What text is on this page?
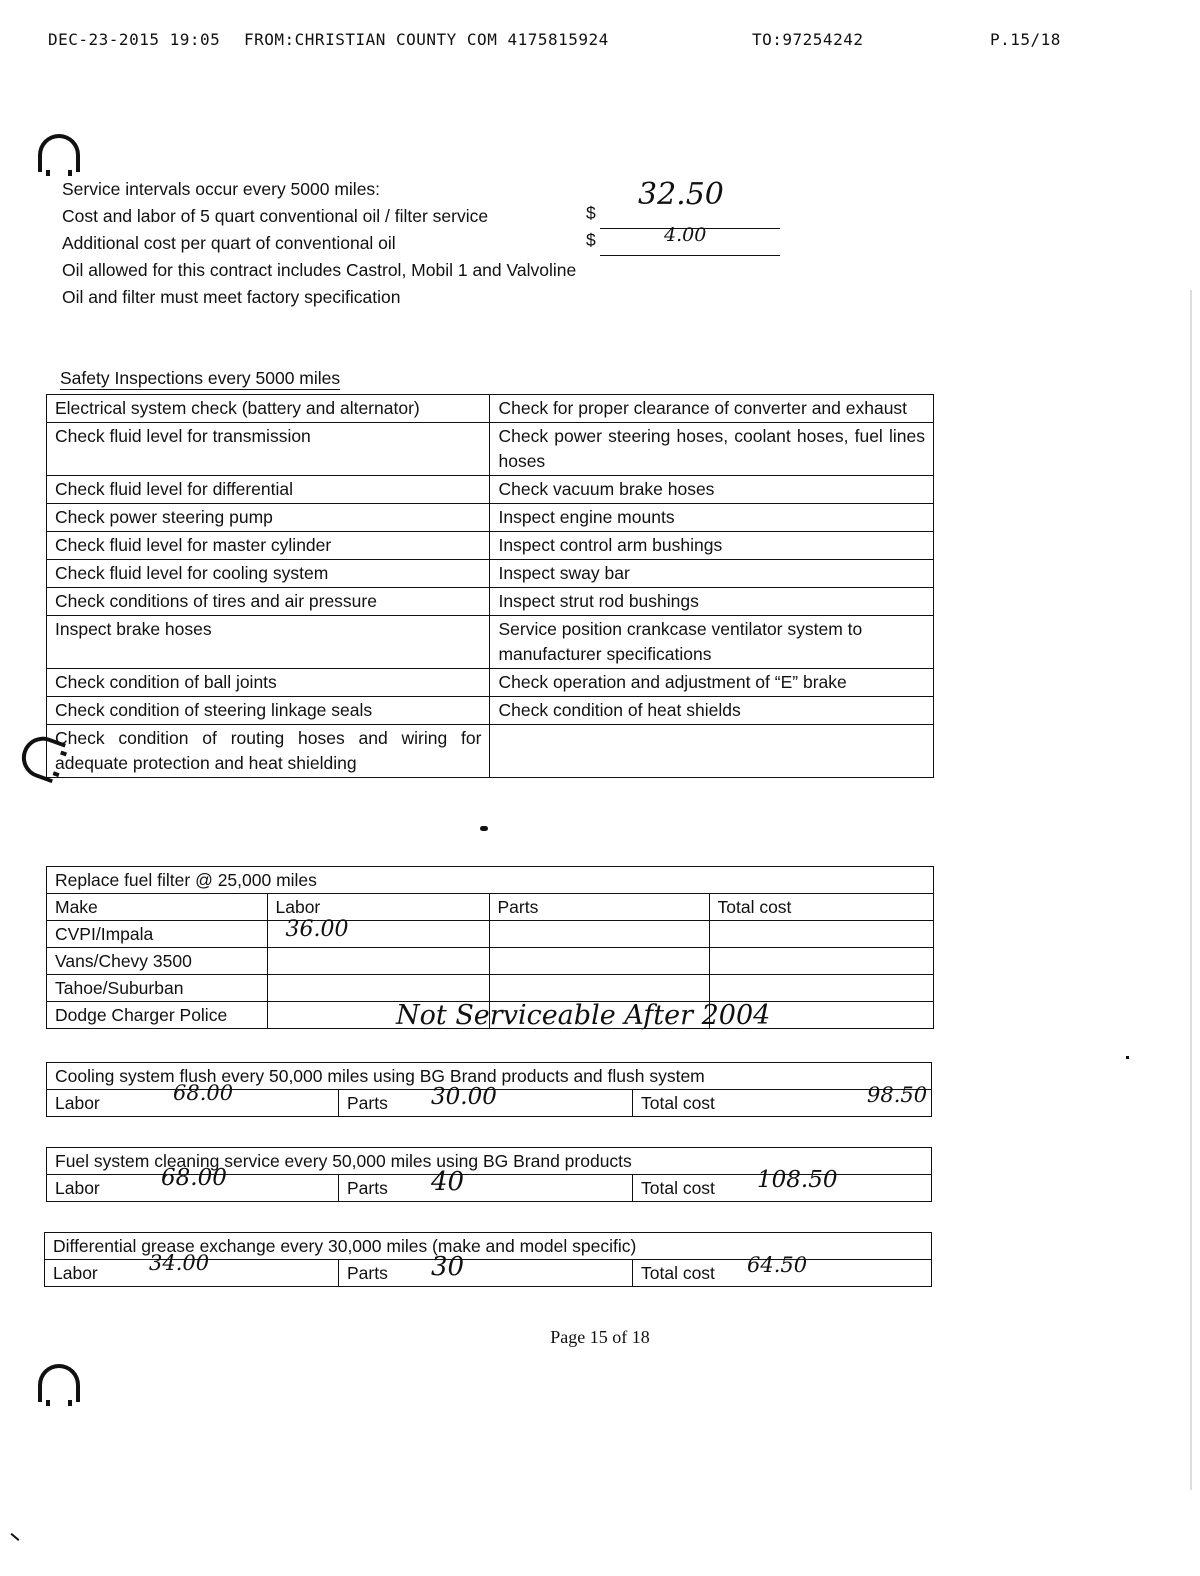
DEC-23-2015 19:05 FROM:CHRISTIAN COUNTY COM 4175815924	TO:97254242	P.15/18
Service intervals occur every 5000 miles:
Cost and labor of 5 quart conventional oil / filter service
Additional cost per quart of conventional oil
Oil allowed for this contract includes Castrol, Mobil 1 and Valvoline
Oil and filter must meet factory specification
$
32.50
$	4.00
Safety Inspections every 5000 miles
Electrical system check (battery and alternator)	Check for proper clearance of converter and exhaust
Check fluid level for transmission	Check power steering hoses, coolant hoses, fuel lines hoses
Check fluid level for differential	Check vacuum brake hoses
Check power steering pump	Inspect engine mounts
Check fluid level for master cylinder	Inspect control arm bushings
Check fluid level for cooling system	Inspect sway bar
Check conditions of tires and air pressure	Inspect strut rod bushings
Inspect brake hoses	Service position crankcase ventilator system to manufacturer specifications
Check condition of ball joints	Check operation and adjustment of “E” brake
Check condition of steering linkage seals	Check condition of heat shields
Check condition of routing hoses and wiring for adequate protection and heat shielding	
Replace fuel filter @ 25,000 miles
Make	Labor	Parts	Total cost
CVPI/Impala	36.00		

Vans/Chevy 3500			
Tahoe/Suburban			
Dodge Charger Police				Not Serviceable After 2004
Cooling system flush every 50,000 miles using BG Brand products and flush system
Labor	68.00	Parts 30.00	Total cost	98.50
Fuel system cleaning service every 50,000 miles using BG Brand products
Labor	68.00	Parts 40	Total cost 108.50
Differential grease exchange every 30,000 miles (make and model specific)
Labor 34.00	Parts 30	Total cost 64.50
Page 15 of 18
